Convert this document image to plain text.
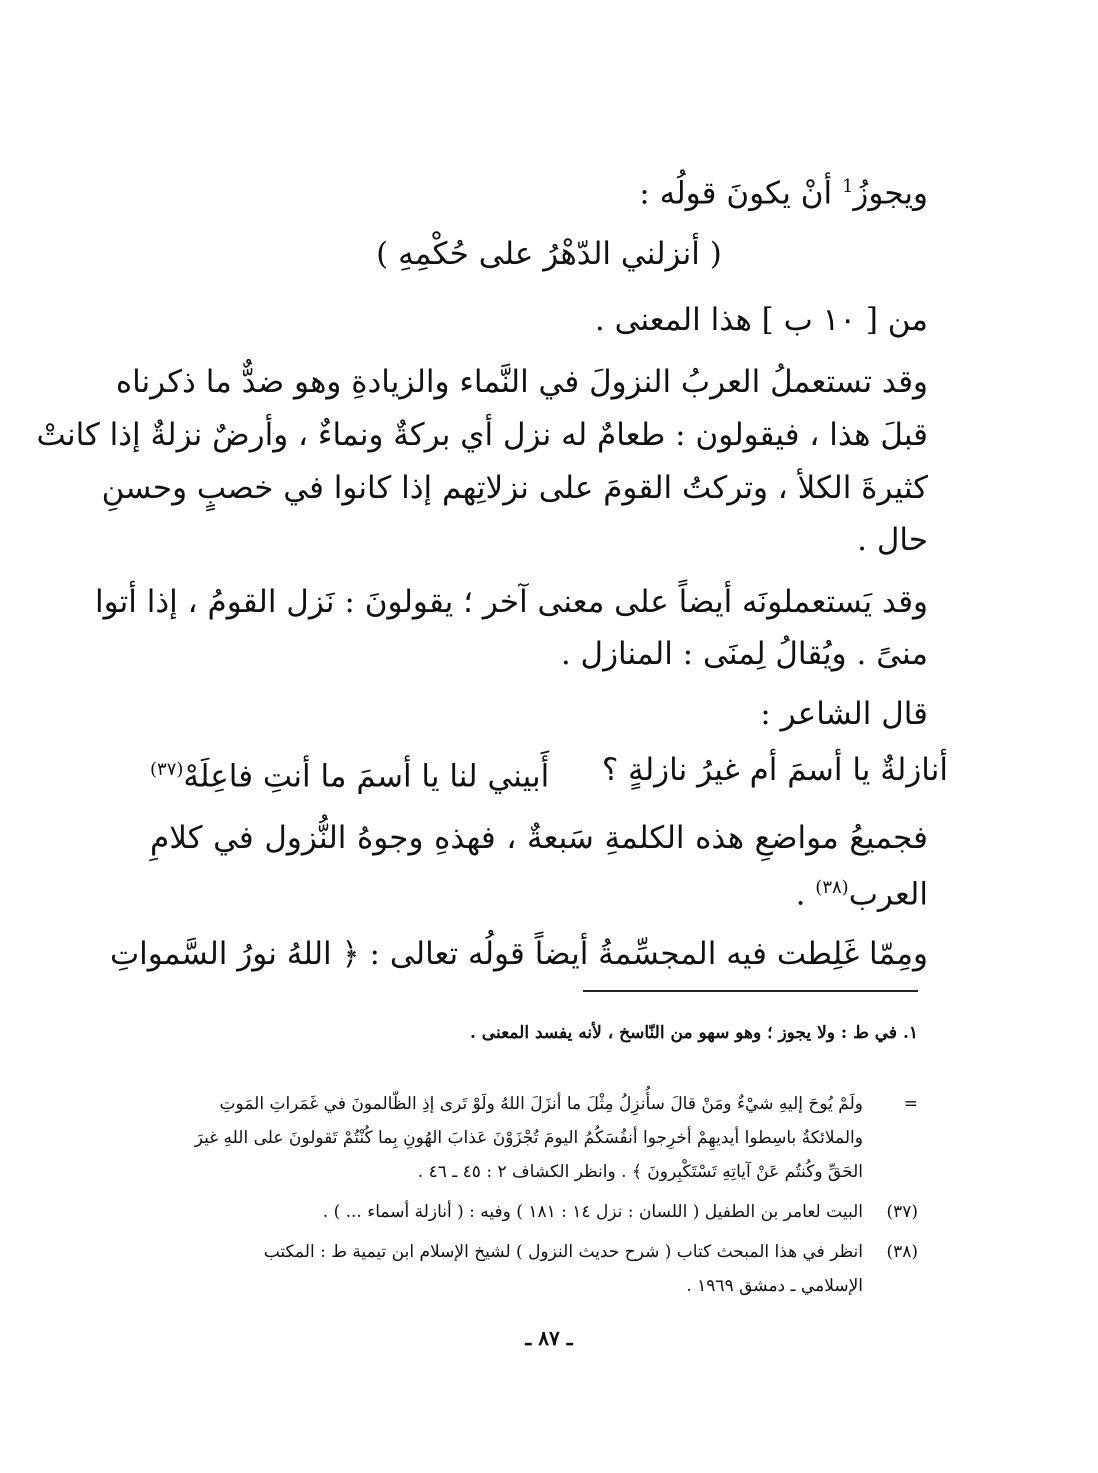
ويجوزُ$^1$ أنْ يكونَ قولُه :
( أنزلني الدّهْرُ على حُكْمِهِ )
من [ ١٠ ب ] هذا المعنى .
وقد تستعملُ العربُ النزولَ في النَّماء والزيادةِ وهو ضدٌّ ما ذكرناه
قبلَ هذا ، فيقولون : طعامٌ له نزل أي بركةٌ ونماءٌ ، وأرضٌ نزلةٌ إذا كانتْ
كثيرةَ الكلأ ، وتركتُ القومَ على نزلاتِهم إذا كانوا في خصبٍ وحسنِ
حال .
وقد يَستعملونَه أيضاً على معنى آخر ؛ يقولونَ : نَزل القومُ ، إذا أتوا
منىً . ويُقالُ لِمنَى : المنازل .
قال الشاعر :
أنازلةٌ يا أسمَ أم غيرُ نازلةٍ ؟
أَبيني لنا يا أسمَ ما أنتِ فاعِلَهْ$^{(٣٧)}$
فجميعُ مواضعِ هذه الكلمةِ سَبعةٌ ، فهذهِ وجوهُ النُّزول في كلامِ
العرب$^{(٣٨)}$ .
ومِمّا غَلِطت فيه المجسِّمةُ أيضاً قولُه تعالى : ﴿ اللهُ نورُ السَّمواتِ
١. في ط : ولا يجوز ؛ وهو سهو من النّاسخ ، لأنه يفسد المعنى .
=
ولَمْ يُوحَ إليهِ شيْءٌ ومَنْ قالَ سأُنزِلُ مِثْلَ ما أنزَلَ اللهُ ولَوْ تَرى إذِ الظّالمونَ في غَمَراتِ المَوتِ
والملائكةُ باسِطوا أيديهِمْ أخرِجوا أنفُسَكُمُ اليومَ تُجْزَوْنَ عَذابَ الهُونِ بِما كُنْتُمْ تَقولونَ على اللهِ غيرَ
الحَقِّ وكُنتُم عَنْ آياتِهِ تَسْتَكْبِرونَ ﴾ . وانظر الكشاف ٢ : ٤٥ ـ ٤٦ .
(٣٧)
البيت لعامر بن الطفيل ( اللسان : نزل ١٤ : ١٨١ ) وفيه : ( أنازلة أسماء ... ) .
(٣٨)
انظر في هذا المبحث كتاب ( شرح حديث النزول ) لشيخ الإسلام ابن تيمية ط : المكتب
الإسلامي ـ دمشق ١٩٦٩ .
ـ ٨٧ ـ
